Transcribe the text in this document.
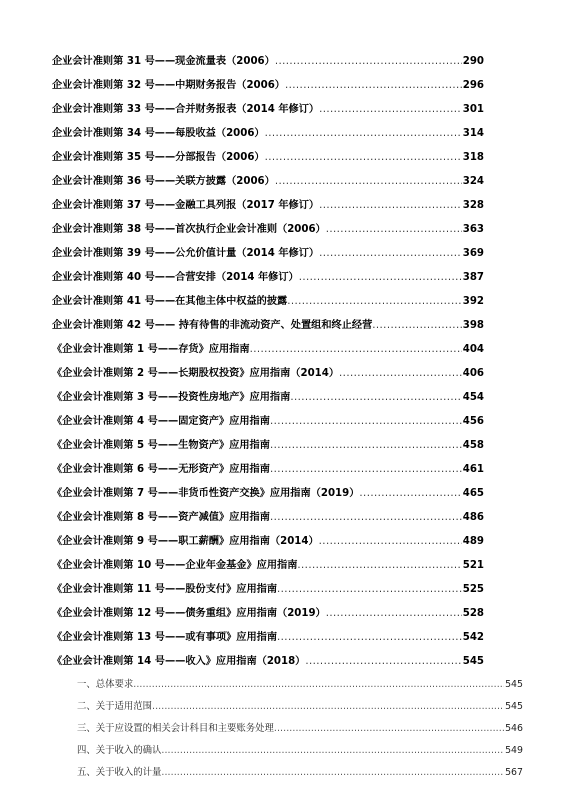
企业会计准则第 31 号——现金流量表（2006） .....	290
企业会计准则第 32 号——中期财务报告（2006） .....	296
企业会计准则第 33 号——合并财务报表（2014 年修订） .....	301
企业会计准则第 34 号——每股收益（2006） .....	314
企业会计准则第 35 号——分部报告（2006） .....	318
企业会计准则第 36 号——关联方披露（2006） .....	324
企业会计准则第 37 号——金融工具列报（2017 年修订） .....	328
企业会计准则第 38 号——首次执行企业会计准则（2006） .....	363
企业会计准则第 39 号——公允价值计量（2014 年修订） .....	369
企业会计准则第 40 号——合营安排（2014 年修订） .....	387
企业会计准则第 41 号——在其他主体中权益的披露 .....	392
企业会计准则第 42 号—— 持有待售的非流动资产、处置组和终止经营 .....	398
《企业会计准则第 1 号——存货》应用指南 .....	404
《企业会计准则第 2 号——长期股权投资》应用指南（2014） .....	406
《企业会计准则第 3 号——投资性房地产》应用指南 .....	454
《企业会计准则第 4 号——固定资产》应用指南 .....	456
《企业会计准则第 5 号——生物资产》应用指南 .....	458
《企业会计准则第 6 号——无形资产》应用指南 .....	461
《企业会计准则第 7 号——非货币性资产交换》应用指南（2019） .....	465
《企业会计准则第 8 号——资产减值》应用指南 .....	486
《企业会计准则第 9 号——职工薪酬》应用指南（2014） .....	489
《企业会计准则第 10 号——企业年金基金》应用指南 .....	521
《企业会计准则第 11 号——股份支付》应用指南 .....	525
《企业会计准则第 12 号——债务重组》应用指南（2019） .....	528
《企业会计准则第 13 号——或有事项》应用指南 .....	542
《企业会计准则第 14 号——收入》应用指南（2018） .....	545
一、总体要求 .....	545
二、关于适用范围 .....	545
三、关于应设置的相关会计科目和主要账务处理 .....	546
四、关于收入的确认 .....	549
五、关于收入的计量 .....	567
